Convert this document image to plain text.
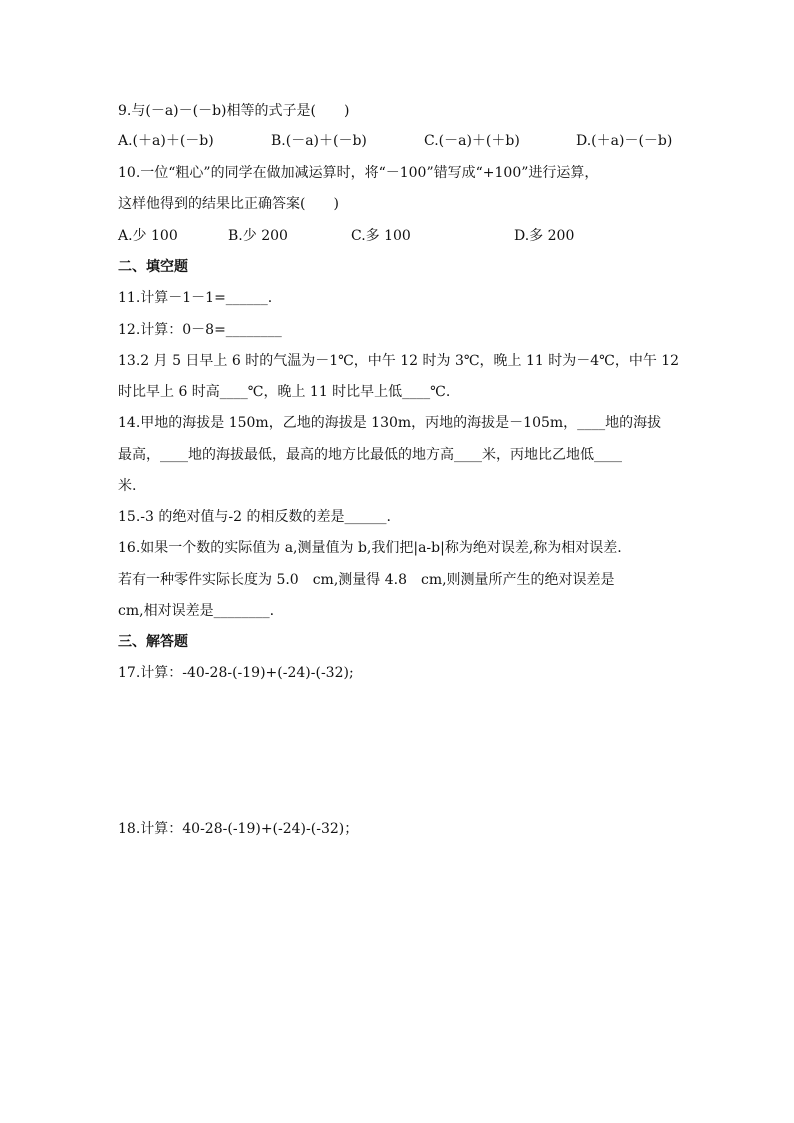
9.与(－a)－(－b)相等的式子是(　　)
A.(＋a)＋(－b)	B.(－a)＋(－b)	C.(－a)＋(＋b)	D.(＋a)－(－b)
10.一位“粗心”的同学在做加减运算时，将“－100”错写成“+100”进行运算，
这样他得到的结果比正确答案(　　)
A.少 100	B.少 200	C.多 100	D.多 200
二、填空题
11.计算－1－1=______.
12.计算：0－8=________
13.2 月 5 日早上 6 时的气温为－1℃，中午 12 时为 3℃，晚上 11 时为－4℃，中午 12
时比早上 6 时高____℃，晚上 11 时比早上低____℃.
14.甲地的海拔是 150m，乙地的海拔是 130m，丙地的海拔是－105m，____地的海拔
最高，____地的海拔最低，最高的地方比最低的地方高____米，丙地比乙地低____
米.
15.-3 的绝对值与-2 的相反数的差是______.
16.如果一个数的实际值为 a,测量值为 b,我们把|a-b|称为绝对误差,称为相对误差.
若有一种零件实际长度为 5.0　cm,测量得 4.8　cm,则测量所产生的绝对误差是
cm,相对误差是________.
三、解答题
17.计算：-40-28-(-19)+(-24)-(-32);
18.计算：40-28-(-19)+(-24)-(-32)；
